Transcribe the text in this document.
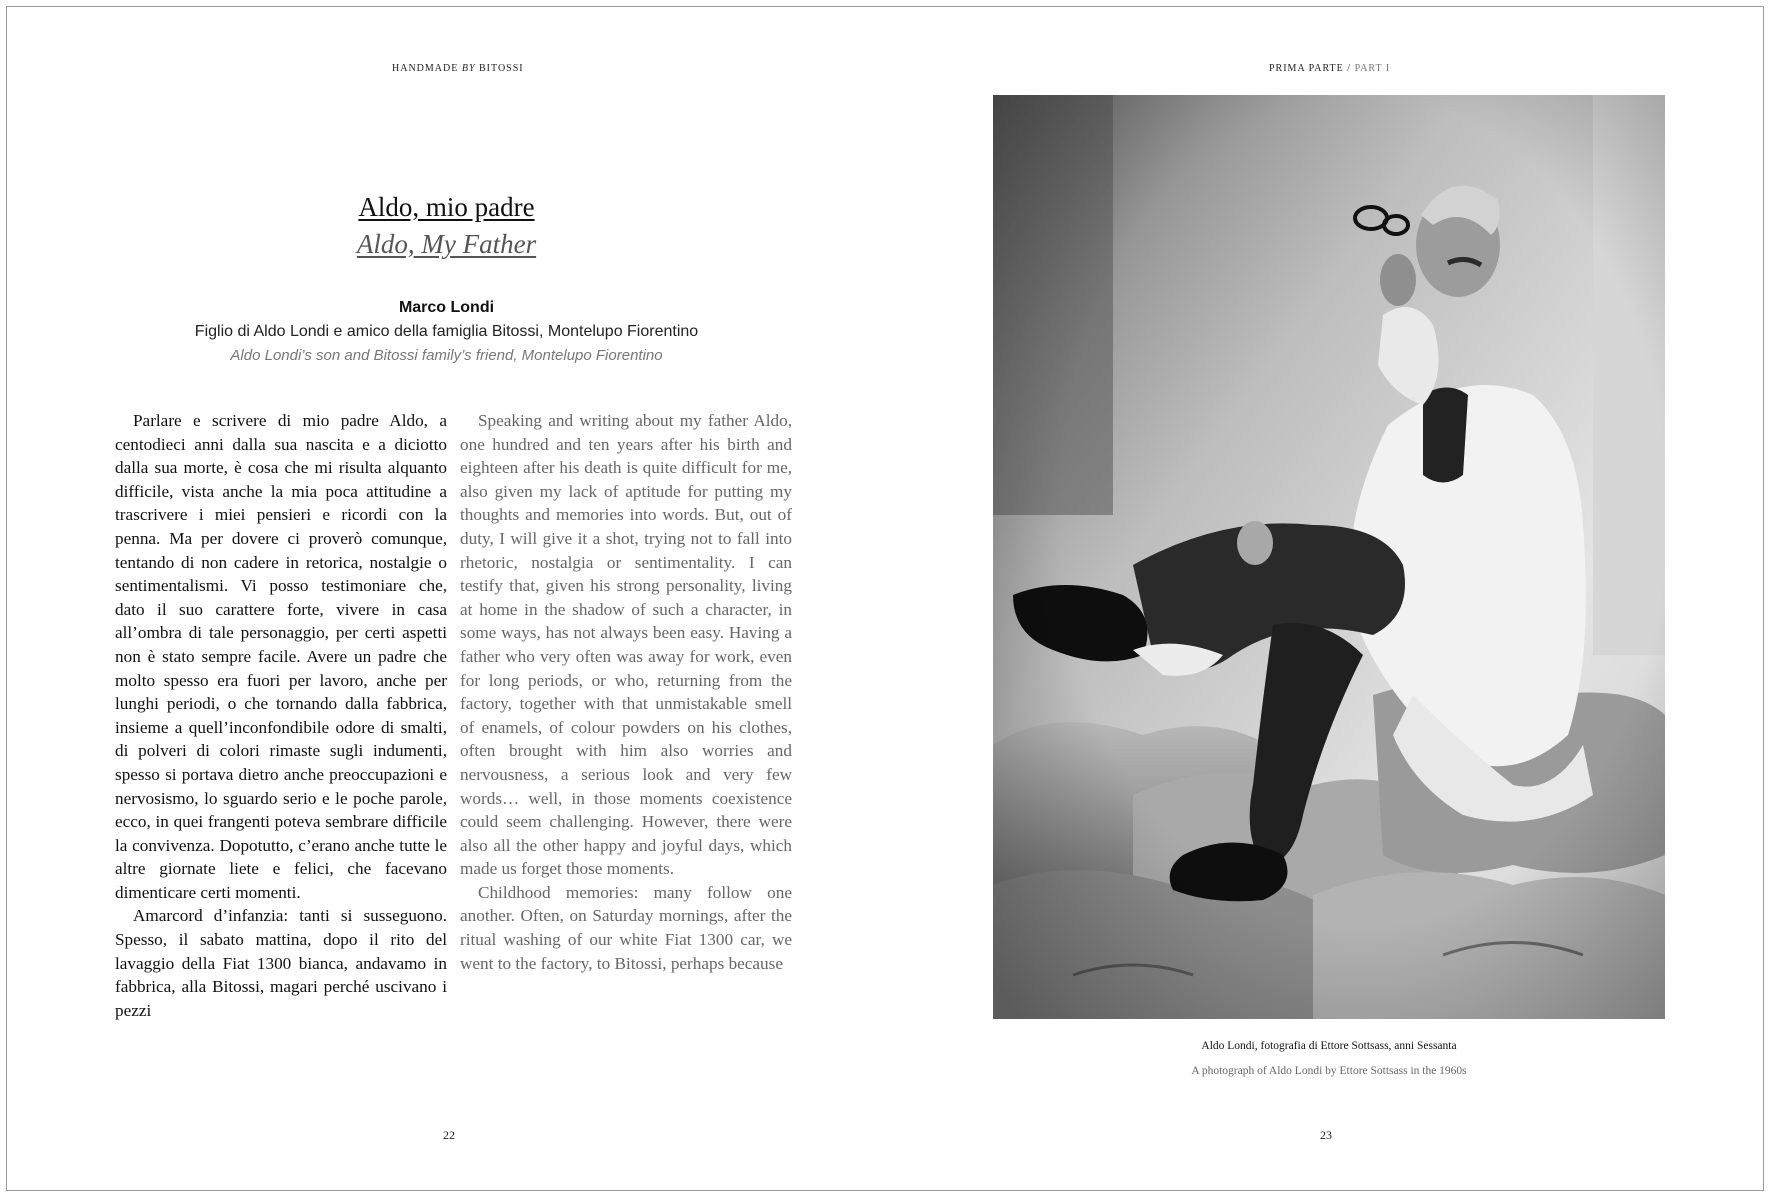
HANDMADE BY BITOSSI
Aldo, mio padre
Aldo, My Father
Marco Londi
Figlio di Aldo Londi e amico della famiglia Bitossi, Montelupo Fiorentino
Aldo Londi’s son and Bitossi family’s friend, Montelupo Fiorentino

Parlare e scrivere di mio padre Aldo, a centodieci anni dalla sua nascita e a diciotto dalla sua morte, è cosa che mi risulta alquanto difficile, vista anche la mia poca attitudine a trascrivere i miei pensieri e ricordi con la penna. Ma per dovere ci proverò comunque, tentando di non cadere in retorica, nostalgie o sentimentalismi. Vi posso testimoniare che, dato il suo carattere forte, vivere in casa all’ombra di tale personaggio, per certi aspetti non è stato sempre facile. Avere un padre che molto spesso era fuori per lavoro, anche per lunghi periodi, o che tornando dalla fabbrica, insieme a quell’inconfondibile odore di smalti, di polveri di colori rimaste sugli indumenti, spesso si portava dietro anche preoccupazioni e nervosismo, lo sguardo serio e le poche parole, ecco, in quei frangenti poteva sembrare difficile la convivenza. Dopotutto, c’erano anche tutte le altre giornate liete e felici, che facevano dimenticare certi momenti.

Amarcord d’infanzia: tanti si susseguono. Spesso, il sabato mattina, dopo il rito del lavaggio della Fiat 1300 bianca, andavamo in fabbrica, alla Bitossi, magari perché uscivano i pezzi

Speaking and writing about my father Aldo, one hundred and ten years after his birth and eighteen after his death is quite difficult for me, also given my lack of aptitude for putting my thoughts and memories into words. But, out of duty, I will give it a shot, trying not to fall into rhetoric, nostalgia or sentimentality. I can testify that, given his strong personality, living at home in the shadow of such a character, in some ways, has not always been easy. Having a father who very often was away for work, even for long periods, or who, returning from the factory, together with that unmistakable smell of enamels, of colour powders on his clothes, often brought with him also worries and nervousness, a serious look and very few words… well, in those moments coexistence could seem challenging. However, there were also all the other happy and joyful days, which made us forget those moments.

Childhood memories: many follow one another. Often, on Saturday mornings, after the ritual washing of our white Fiat 1300 car, we went to the factory, to Bitossi, perhaps because

22
PRIMA PARTE / PART I
Aldo Londi, fotografia di Ettore Sottsass, anni Sessanta
A photograph of Aldo Londi by Ettore Sottsass in the 1960s
23
